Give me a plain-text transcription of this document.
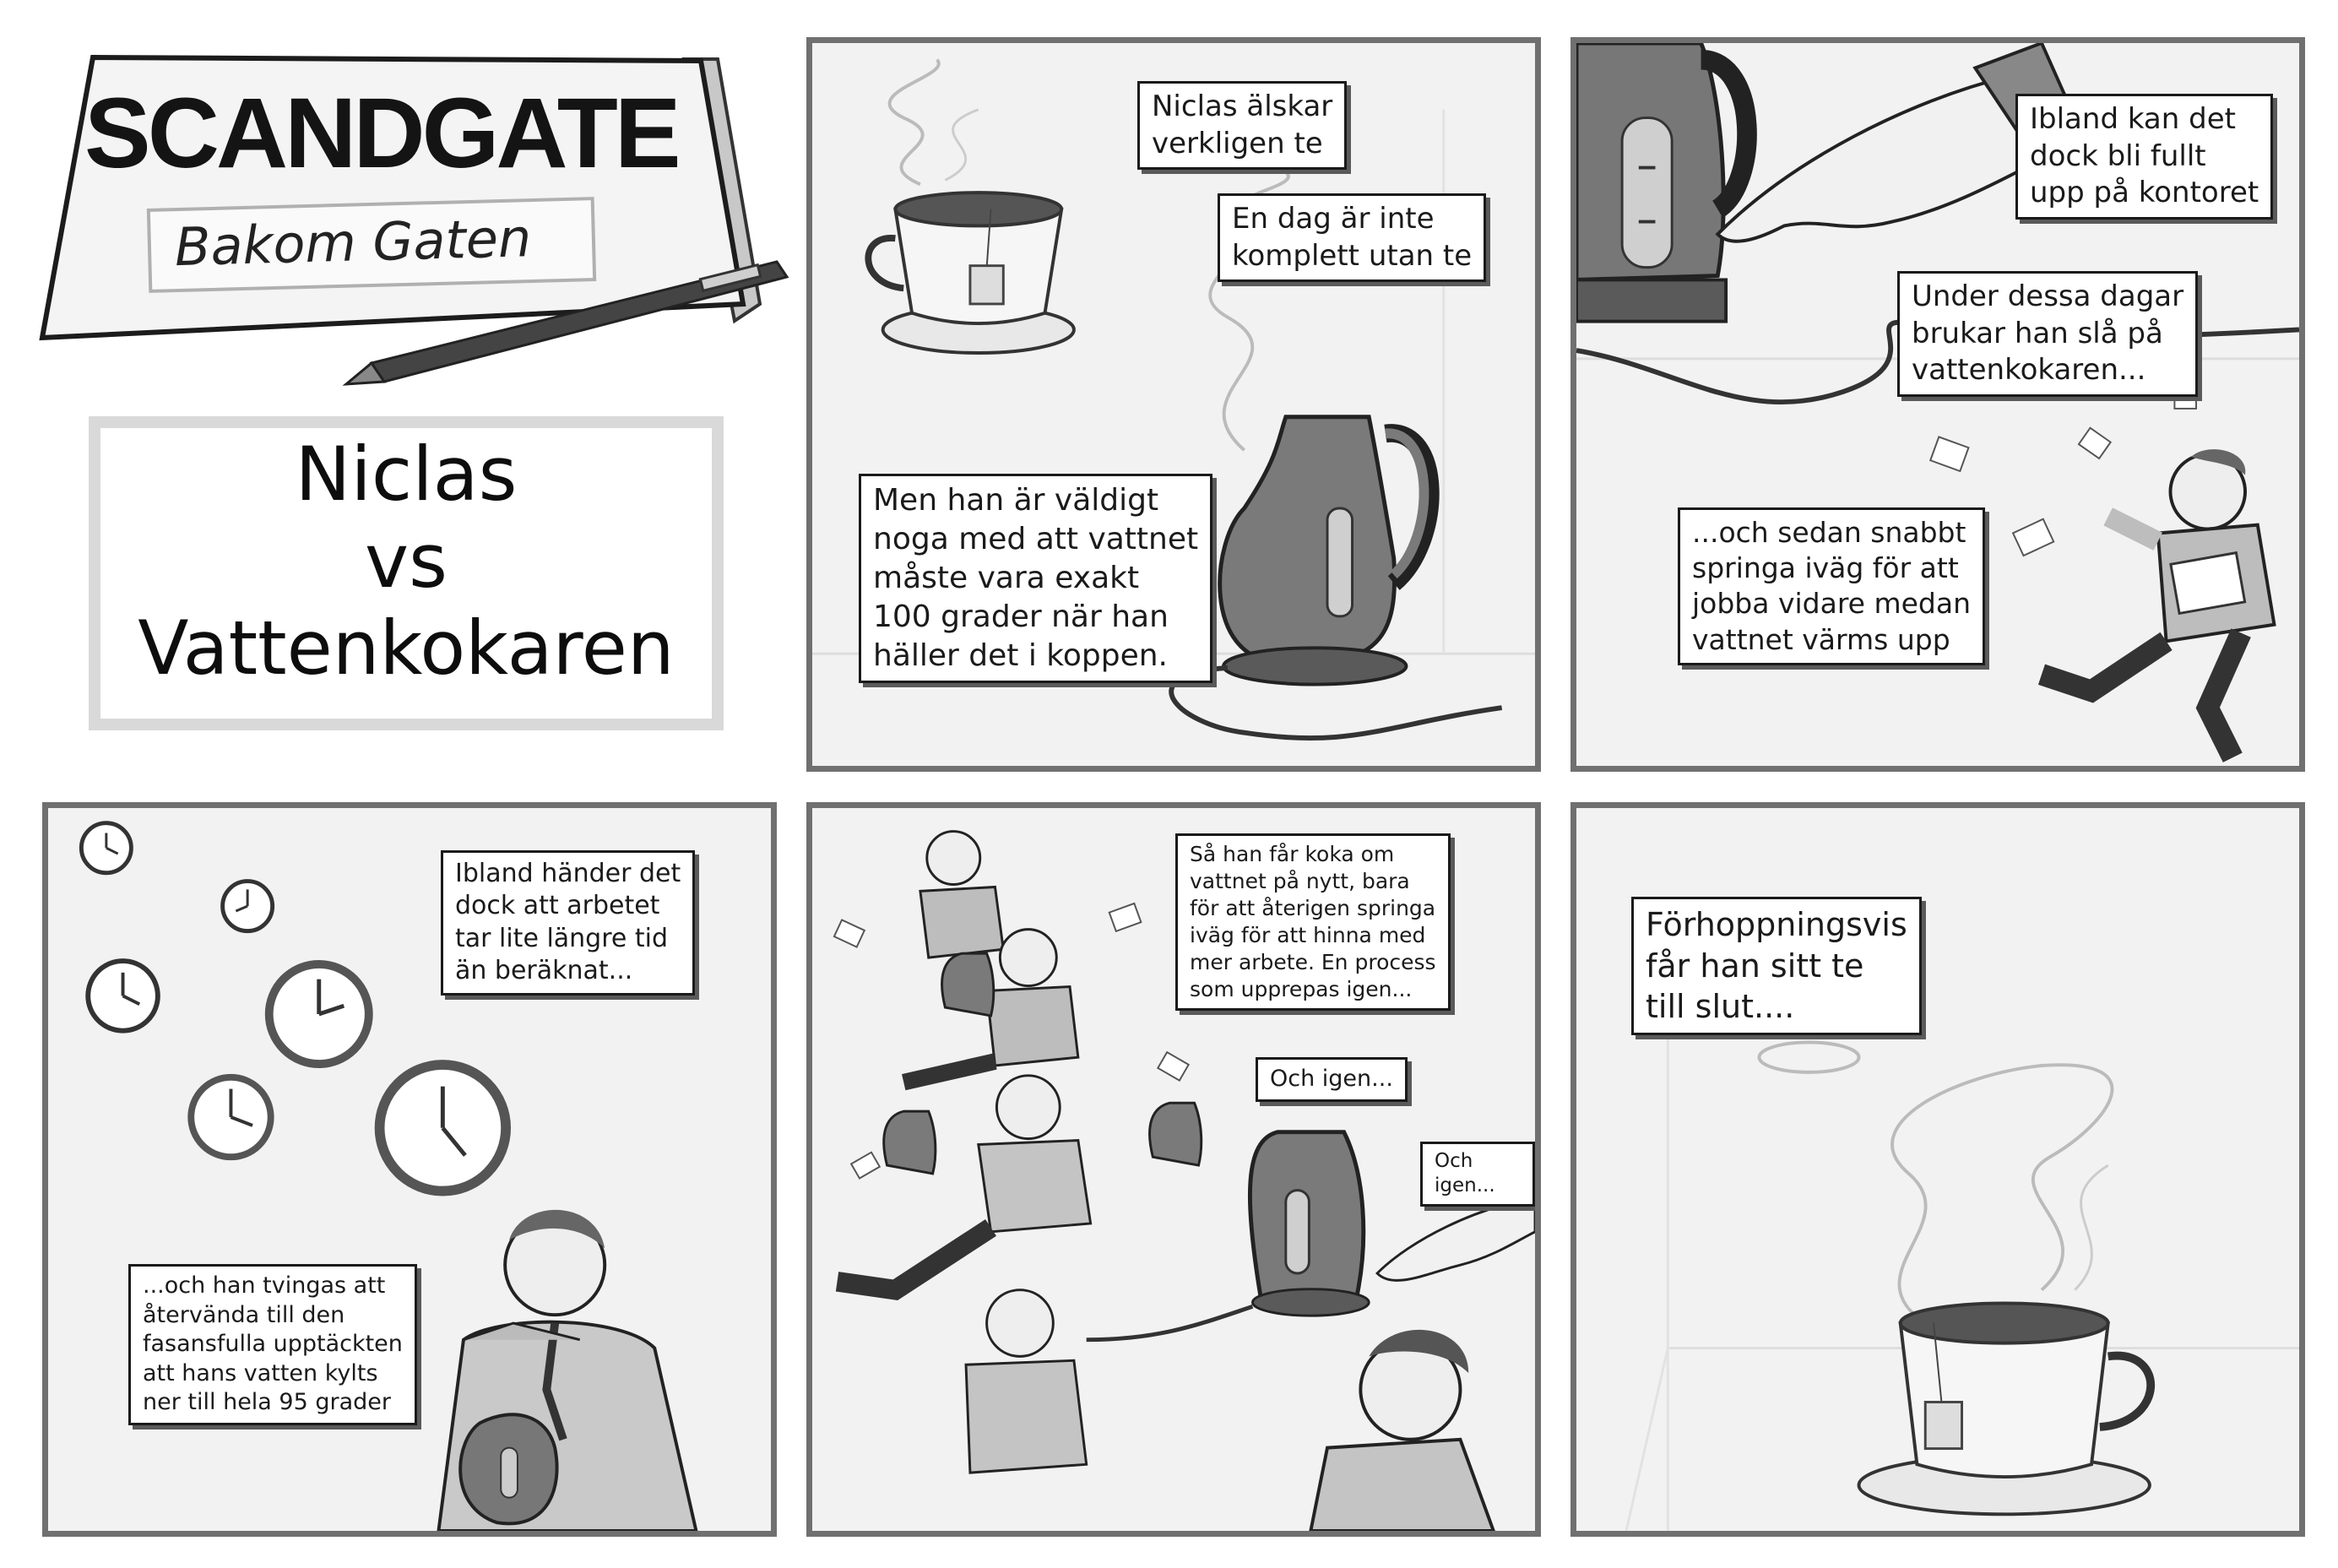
SCANDGATE
Bakom Gaten
Niclas
vs
Vattenkokaren
Niclas älskar
verkligen te
En dag är inte
komplett utan te
Men han är väldigt
noga med att vattnet
måste vara exakt
100 grader när han
häller det i koppen.
Ibland kan det
dock bli fullt
upp på kontoret
Under dessa dagar
brukar han slå på
vattenkokaren...
...och sedan snabbt
springa iväg för att
jobba vidare medan
vattnet värms upp
Ibland händer det
dock att arbetet
tar lite längre tid
än beräknat...
...och han tvingas att
återvända till den
fasansfulla upptäckten
att hans vatten kylts
ner till hela 95 grader
Så han får koka om
vattnet på nytt, bara
för att återigen springa
iväg för att hinna med
mer arbete. En process
som upprepas igen...
Och igen...
Och igen...
Förhoppningsvis
får han sitt te
till slut....
